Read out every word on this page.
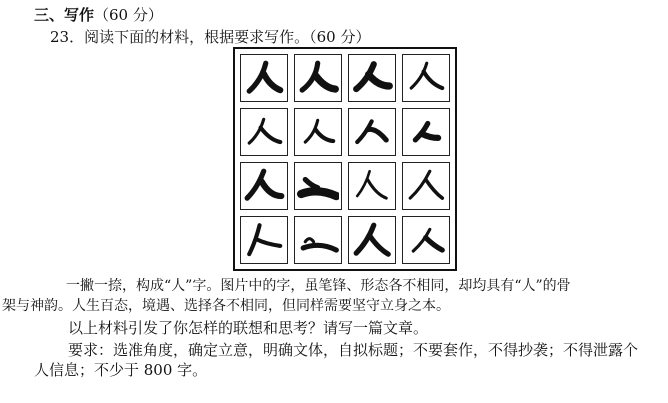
三、写作（60 分）
23．阅读下面的材料，根据要求写作。（60 分）
一撇一捺，构成“人”字。图片中的字，虽笔锋、形态各不相同，却均具有“人”的骨
架与神韵。人生百态，境遇、选择各不相同，但同样需要坚守立身之本。
以上材料引发了你怎样的联想和思考？请写一篇文章。
要求：选准角度，确定立意，明确文体，自拟标题；不要套作，不得抄袭；不得泄露个
人信息；不少于 800 字。
